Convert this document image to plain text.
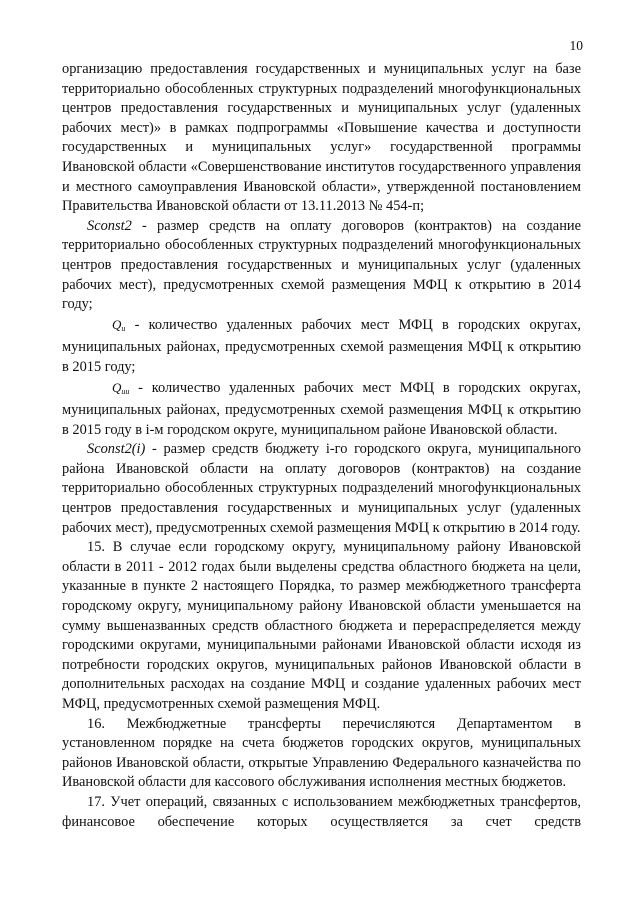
10

организацию предоставления государственных и муниципальных услуг на базе территориально обособленных структурных подразделений многофункциональных центров предоставления государственных и муниципальных услуг (удаленных рабочих мест)» в рамках подпрограммы «Повышение качества и доступности государственных и муниципальных услуг» государственной программы Ивановской области «Совершенствование институтов государственного управления и местного самоуправления Ивановской области», утвержденной постановлением Правительства Ивановской области от 13.11.2013 № 454-п;

Sconst2 - размер средств на оплату договоров (контрактов) на создание территориально обособленных структурных подразделений многофункциональных центров предоставления государственных и муниципальных услуг (удаленных рабочих мест), предусмотренных схемой размещения МФЦ к открытию в 2014 году;

Qи - количество удаленных рабочих мест МФЦ в городских округах, муниципальных районах, предусмотренных схемой размещения МФЦ к открытию в 2015 году;

Qии - количество удаленных рабочих мест МФЦ в городских округах, муниципальных районах, предусмотренных схемой размещения МФЦ к открытию в 2015 году в i-м городском округе, муниципальном районе Ивановской области.

Sconst2(i) - размер средств бюджету i-го городского округа, муниципального района Ивановской области на оплату договоров (контрактов) на создание территориально обособленных структурных подразделений многофункциональных центров предоставления государственных и муниципальных услуг (удаленных рабочих мест), предусмотренных схемой размещения МФЦ к открытию в 2014 году.

15. В случае если городскому округу, муниципальному району Ивановской области в 2011 - 2012 годах были выделены средства областного бюджета на цели, указанные в пункте 2 настоящего Порядка, то размер межбюджетного трансферта городскому округу, муниципальному району Ивановской области уменьшается на сумму вышеназванных средств областного бюджета и перераспределяется между городскими округами, муниципальными районами Ивановской области исходя из потребности городских округов, муниципальных районов Ивановской области в дополнительных расходах на создание МФЦ и создание удаленных рабочих мест МФЦ, предусмотренных схемой размещения МФЦ.

16. Межбюджетные трансферты перечисляются Департаментом в установленном порядке на счета бюджетов городских округов, муниципальных районов Ивановской области, открытые Управлению Федерального казначейства по Ивановской области для кассового обслуживания исполнения местных бюджетов.

17. Учет операций, связанных с использованием межбюджетных трансфертов, финансовое обеспечение которых осуществляется за счет средств
